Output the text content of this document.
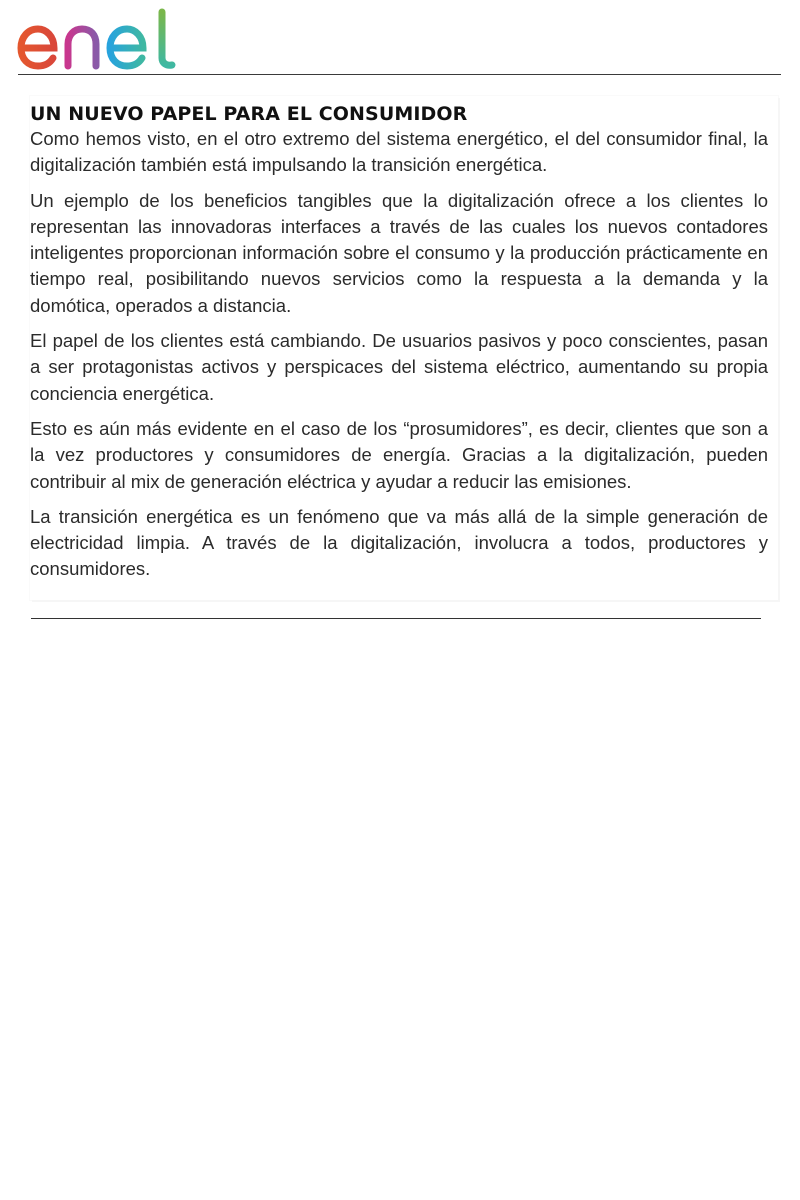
UN NUEVO PAPEL PARA EL CONSUMIDOR

Como hemos visto, en el otro extremo del sistema energético, el del consumidor final, la digitalización también está impulsando la transición energética.

Un ejemplo de los beneficios tangibles que la digitalización ofrece a los clientes lo representan las innovadoras interfaces a través de las cuales los nuevos contadores inteligentes proporcionan información sobre el consumo y la producción prácticamente en tiempo real, posibilitando nuevos servicios como la respuesta a la demanda y la domótica, operados a distancia.

El papel de los clientes está cambiando. De usuarios pasivos y poco conscientes, pasan a ser protagonistas activos y perspicaces del sistema eléctrico, aumentando su propia conciencia energética.

Esto es aún más evidente en el caso de los “prosumidores”, es decir, clientes que son a la vez productores y consumidores de energía. Gracias a la digitalización, pueden contribuir al mix de generación eléctrica y ayudar a reducir las emisiones.

La transición energética es un fenómeno que va más allá de la simple generación de electricidad limpia. A través de la digitalización, involucra a todos, productores y consumidores.
